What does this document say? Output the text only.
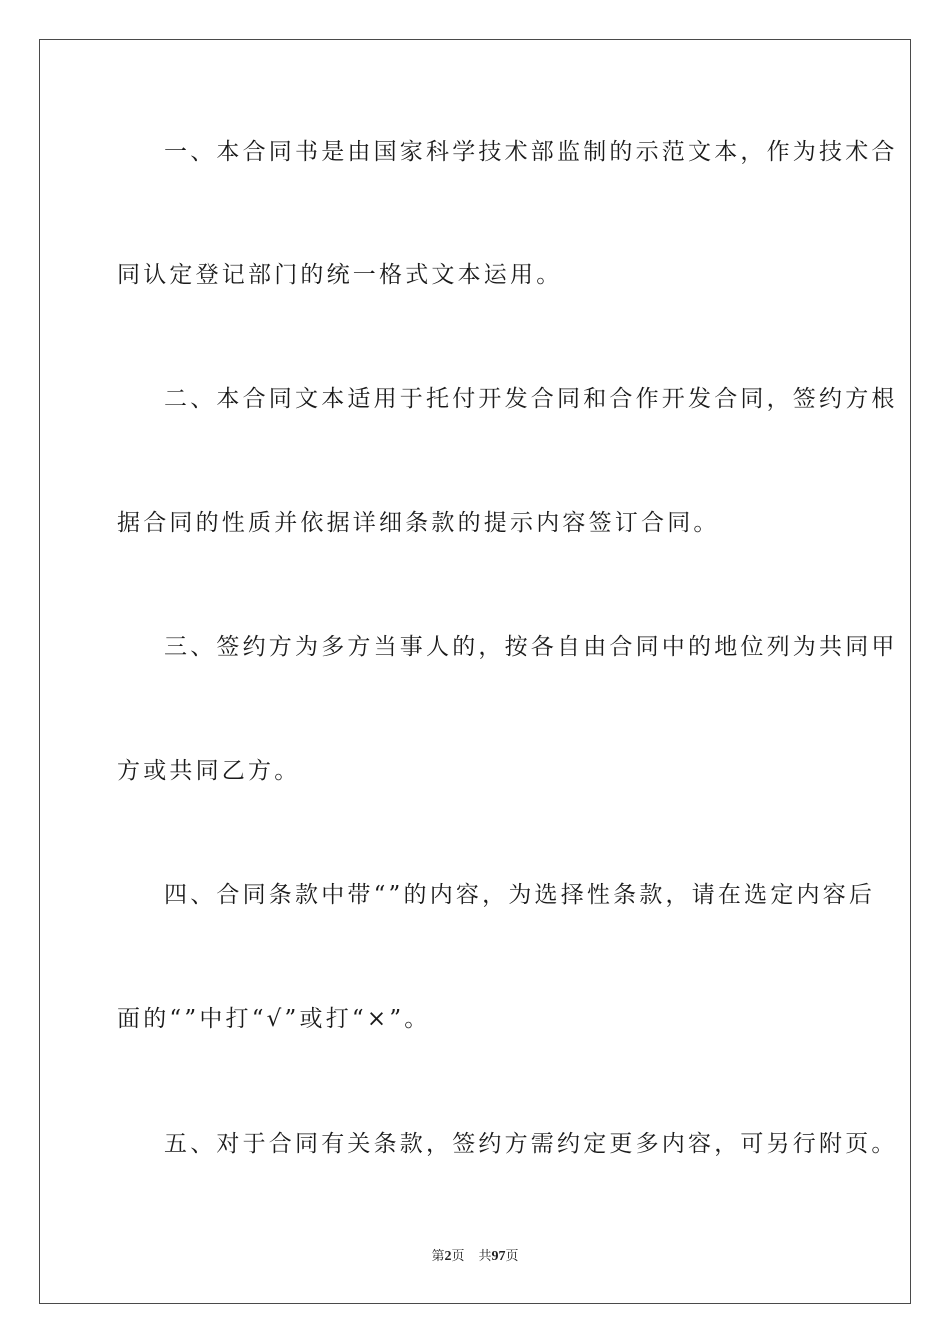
一、本合同书是由国家科学技术部监制的示范文本，作为技术合
同认定登记部门的统一格式文本运用。
二、本合同文本适用于托付开发合同和合作开发合同，签约方根
据合同的性质并依据详细条款的提示内容签订合同。
三、签约方为多方当事人的，按各自由合同中的地位列为共同甲
方或共同乙方。
四、合同条款中带“”的内容，为选择性条款，请在选定内容后
面的“”中打“√”或打“×”。
五、对于合同有关条款，签约方需约定更多内容，可另行附页。
第2页 共97页
